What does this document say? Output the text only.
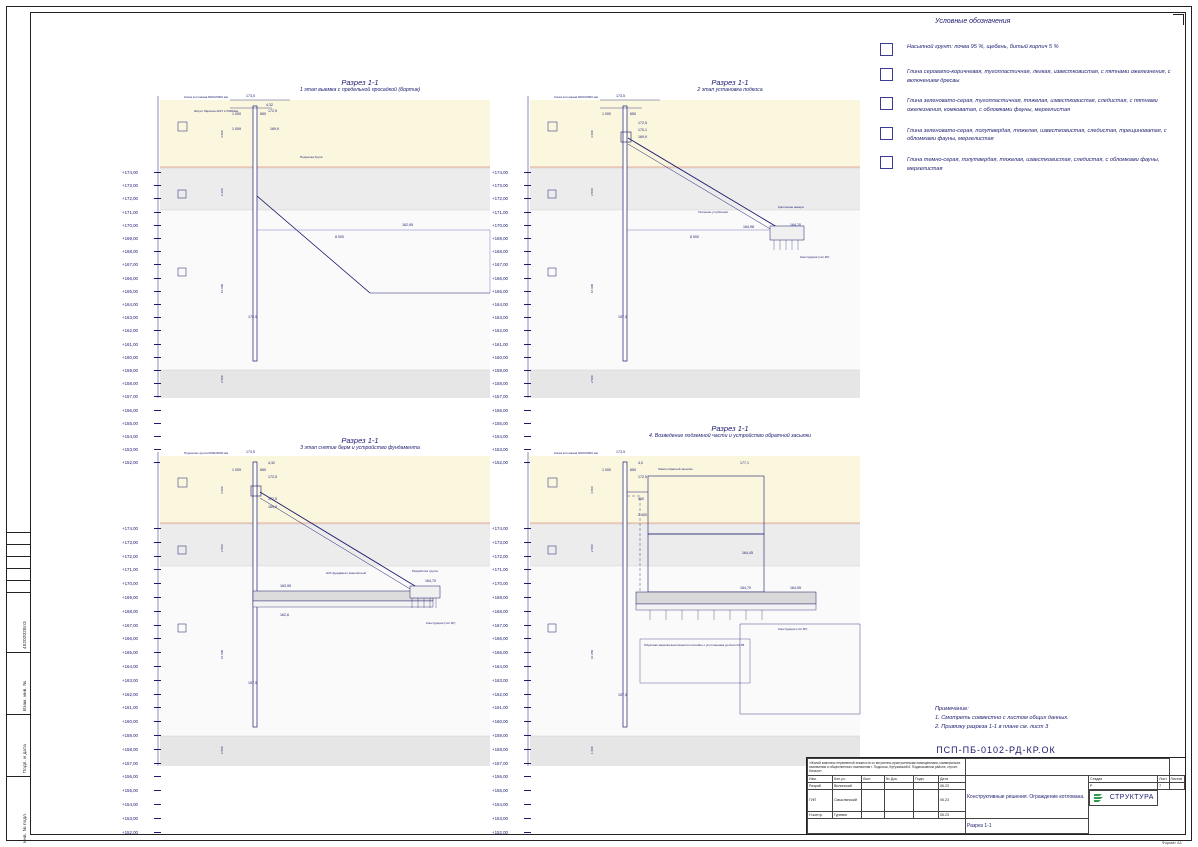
4520202ВлЗ
Взам. инв. №
Подп. и дата
Инв. № подл.
Условные обозначения
Насыпной грунт: почва 95 %, щебень, битый кирпич 5 %
Глина серовато-коричневая, тугопластичная, легкая, известковистая, с пятнами ожелезнения, с включением дресвы
Глина зеленовато-серая, тугопластичная, тяжелая, известковистая, следистая, с пятнами ожелезнения, комковатая, с обломками фауны, мергелистая
Глина зеленовато-серая, полутвердая, тяжелая, известковистая, следистая, трещиноватая, с обломками фауны, мергелистая
Глина темно-серая, полутвердая, тяжелая, известковистая, следистая, с обломками фауны, мергелистая
Примечание:
1. Смотреть совместно с листом общих данных.
2. Привязку разреза 1-1 в плане см. лист 3
Разрез 1-1
1 этап выемка с предельной просадкой (бортик)
173,5
1 000	650
4,32
172,5
1 009	169,9
162,95
8 000
172,5
Копка котлована 6000х5000 мм
Шпунт Ларсена 4227 L=5000мм
Подсыпка бурта
4 600
2 200
10 900
2 500
+174,00
+173,00
+172,00
+171,00
+170,00
+169,00
+168,00
+167,00
+166,00
+165,00
+164,00
+163,00
+162,00
+161,00
+160,00
+159,00
+158,00
+157,00
+156,00
+155,00
+154,00
+153,00
+152,00
Разрез 1-1
2 этап установка подкоса
173,5
1 000	650
172,5
170,1
169,9
164,70
164,98
8 000
157,5
Копка котлована 6000х5000 мм
Усиление углубления
Крепление анкера
Конструкция (тип 4Р)
4 600
3 500
10 900
2 500
+174,00
+173,00
+172,00
+171,00
+170,00
+169,00
+168,00
+167,00
+166,00
+165,00
+164,00
+163,00
+162,00
+161,00
+160,00
+159,00
+158,00
+157,00
+156,00
+155,00
+154,00
+153,00
+152,00
Разрез 1-1
3 этап снятие берм и устройство фундамента
173,5
1 009	650
4,32
172,5
172,5
169,9
163,95
162,6
164,70
157,5
Подсыпка грунта 6000х5000 мм
Ж/б фундамент монолитный	Разработка грунта
Конструкция (тип 4Р)
4 600
2 500
10 900
2 500
+174,00
+173,00
+172,00
+171,00
+170,00
+169,00
+168,00
+167,00
+166,00
+165,00
+164,00
+163,00
+162,00
+161,00
+160,00
+159,00
+158,00
+157,00
+156,00
+155,00
+154,00
+153,00
+152,00
Разрез 1-1
4. Возведение подземной части и устройство обратной засыпки
173,5
1 000	650
4,0
172,5
900
2 400
164,45
164,70	164,95
157,5
177,1
Копка котлована 6000х5000 мм
Линия обратной засыпки
Конструкция (тип 4Р)
Обратная засыпка выполняется послойно с уплотнением до Кcom=0,95
4 600
2 500
10 950
1 600
+174,00
+173,00
+172,00
+171,00
+170,00
+169,00
+168,00
+167,00
+166,00
+165,00
+164,00
+163,00
+162,00
+161,00
+160,00
+159,00
+158,00
+157,00
+156,00
+155,00
+154,00
+153,00
+152,00
ПСП-ПБ-0102-РД-КР.ОК
«Жилой комплекс переменной этажности со встроенно-пристроенными помещениями, коммерческих назначения и общественного назначения г. Подольск, Кутузовский 6. Подмосковном районе, строит. Начало»									
Изм.	Кол.уч.	Лист	№ Док.	Подп.	Дата	Конструктивные решения. Ограждение котлована.	Стадия	Лист	Листов
Разраб.	Вилинский				06.23		Р	7	
ГИП	Смыслянский				06.23		СТРУКТУРА

Н.контр.	Гуревич				06.23				
						Разрез 1-1			
Формат А1
